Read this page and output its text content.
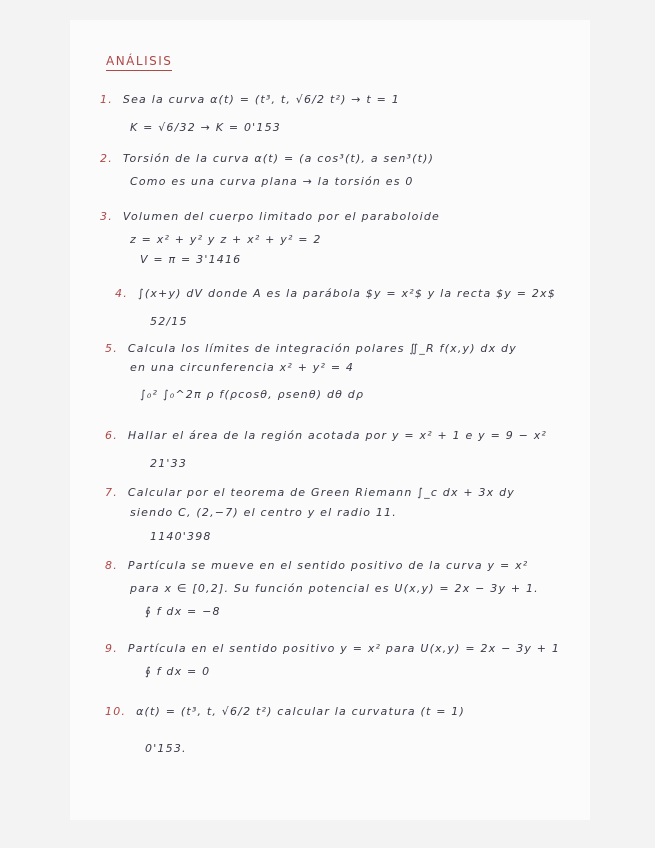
ANÁLISIS
1. Sea la curva α(t) = (t³, t, √6/2 t²) → t = 1
K = √6/32 → K = 0'153
2. Torsión de la curva α(t) = (a cos³(t), a sen³(t))
Como es una curva plana → la torsión es 0
3. Volumen del cuerpo limitado por el paraboloide
z = x² + y² y z + x² + y² = 2
V = π = 3'1416
4. ∫(x+y) dV donde A es la parábola $y = x²$ y la recta $y = 2x$
52/15
5. Calcula los límites de integración polares ∬_R f(x,y) dx dy
en una circunferencia x² + y² = 4
∫₀² ∫₀^2π ρ f(ρcosθ, ρsenθ) dθ dρ
6. Hallar el área de la región acotada por y = x² + 1 e y = 9 − x²
21'33
7. Calcular por el teorema de Green Riemann ∫_c dx + 3x dy
siendo C, (2,−7) el centro y el radio 11.
1140'398
8. Partícula se mueve en el sentido positivo de la curva y = x²
para x ∈ [0,2]. Su función potencial es U(x,y) = 2x − 3y + 1.
∮ f dx = −8
9. Partícula en el sentido positivo y = x² para U(x,y) = 2x − 3y + 1
∮ f dx = 0
10. α(t) = (t³, t, √6/2 t²) calcular la curvatura (t = 1)
0'153.
